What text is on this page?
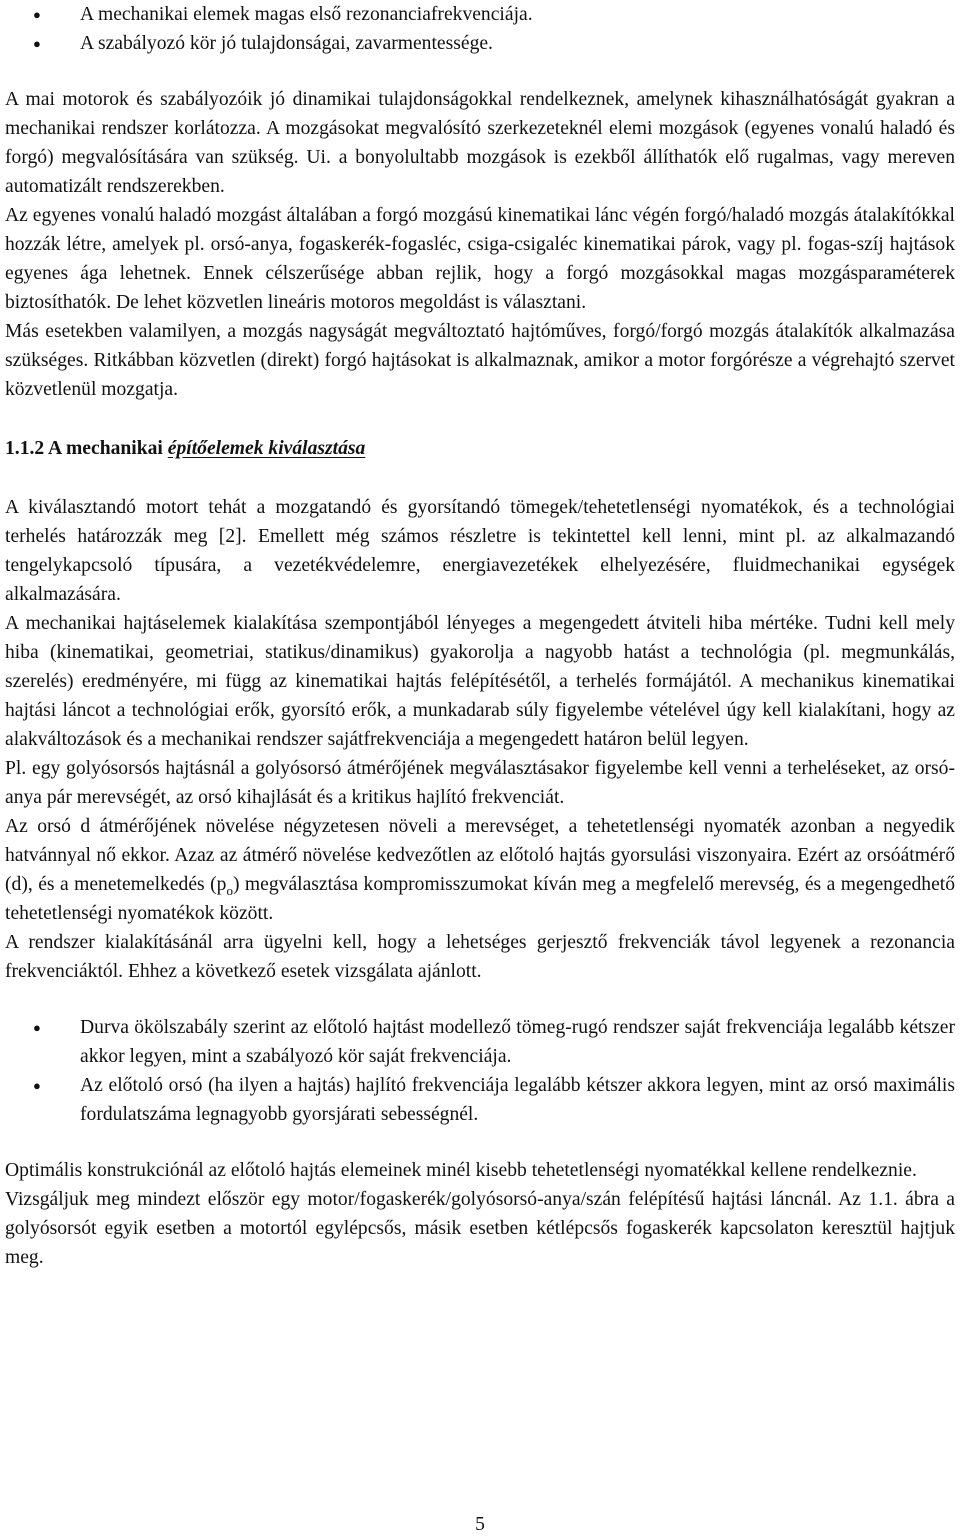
● A mechanikai elemek magas első rezonanciafrekvenciája.
● A szabályozó kör jó tulajdonságai, zavarmentessége.

A mai motorok és szabályozóik jó dinamikai tulajdonságokkal rendelkeznek, amelynek kihasználhatóságát gyakran a mechanikai rendszer korlátozza. A mozgásokat megvalósító szerkezeteknél elemi mozgások (egyenes vonalú haladó és forgó) megvalósítására van szükség. Ui. a bonyolultabb mozgások is ezekből állíthatók elő rugalmas, vagy mereven automatizált rendszerekben.

Az egyenes vonalú haladó mozgást általában a forgó mozgású kinematikai lánc végén forgó/haladó mozgás átalakítókkal hozzák létre, amelyek pl. orsó-anya, fogaskerék-fogasléc, csiga-csigaléc kinematikai párok, vagy pl. fogas-szíj hajtások egyenes ága lehetnek. Ennek célszerűsége abban rejlik, hogy a forgó mozgásokkal magas mozgásparaméterek biztosíthatók. De lehet közvetlen lineáris motoros megoldást is választani.

Más esetekben valamilyen, a mozgás nagyságát megváltoztató hajtóműves, forgó/forgó mozgás átalakítók alkalmazása szükséges. Ritkábban közvetlen (direkt) forgó hajtásokat is alkalmaznak, amikor a motor forgórésze a végrehajtó szervet közvetlenül mozgatja.

1.1.2 A mechanikai építőelemek kiválasztása

A kiválasztandó motort tehát a mozgatandó és gyorsítandó tömegek/tehetetlenségi nyomatékok, és a technológiai terhelés határozzák meg [2]. Emellett még számos részletre is tekintettel kell lenni, mint pl. az alkalmazandó tengelykapcsoló típusára, a vezetékvédelemre, energiavezetékek elhelyezésére, fluidmechanikai egységek alkalmazására.

A mechanikai hajtáselemek kialakítása szempontjából lényeges a megengedett átviteli hiba mértéke. Tudni kell mely hiba (kinematikai, geometriai, statikus/dinamikus) gyakorolja a nagyobb hatást a technológia (pl. megmunkálás, szerelés) eredményére, mi függ az kinematikai hajtás felépítésétől, a terhelés formájától. A mechanikus kinematikai hajtási láncot a technológiai erők, gyorsító erők, a munkadarab súly figyelembe vételével úgy kell kialakítani, hogy az alakváltozások és a mechanikai rendszer sajátfrekvenciája a megengedett határon belül legyen.

Pl. egy golyósorsós hajtásnál a golyósorsó átmérőjének megválasztásakor figyelembe kell venni a terheléseket, az orsó-anya pár merevségét, az orsó kihajlását és a kritikus hajlító frekvenciát.

Az orsó d átmérőjének növelése négyzetesen növeli a merevséget, a tehetetlenségi nyomaték azonban a negyedik hatvánnyal nő ekkor. Azaz az átmérő növelése kedvezőtlen az előtoló hajtás gyorsulási viszonyaira. Ezért az orsóátmérő (d), és a menetemelkedés $(p_o)$ megválasztása kompromisszumokat kíván meg a megfelelő merevség, és a megengedhető tehetetlenségi nyomatékok között.

A rendszer kialakításánál arra ügyelni kell, hogy a lehetséges gerjesztő frekvenciák távol legyenek a rezonancia frekvenciáktól. Ehhez a következő esetek vizsgálata ajánlott.

● Durva ökölszabály szerint az előtoló hajtást modellező tömeg-rugó rendszer saját frekvenciája legalább kétszer akkor legyen, mint a szabályozó kör saját frekvenciája.
● Az előtoló orsó (ha ilyen a hajtás) hajlító frekvenciája legalább kétszer akkora legyen, mint az orsó maximális fordulatszáma legnagyobb gyorsjárati sebességnél.

Optimális konstrukciónál az előtoló hajtás elemeinek minél kisebb tehetetlenségi nyomatékkal kellene rendelkeznie.

Vizsgáljuk meg mindezt először egy motor/fogaskerék/golyósorsó-anya/szán felépítésű hajtási láncnál. Az 1.1. ábra a golyósorsót egyik esetben a motortól egylépcsős, másik esetben kétlépcsős fogaskerék kapcsolaton keresztül hajtjuk meg.

5
